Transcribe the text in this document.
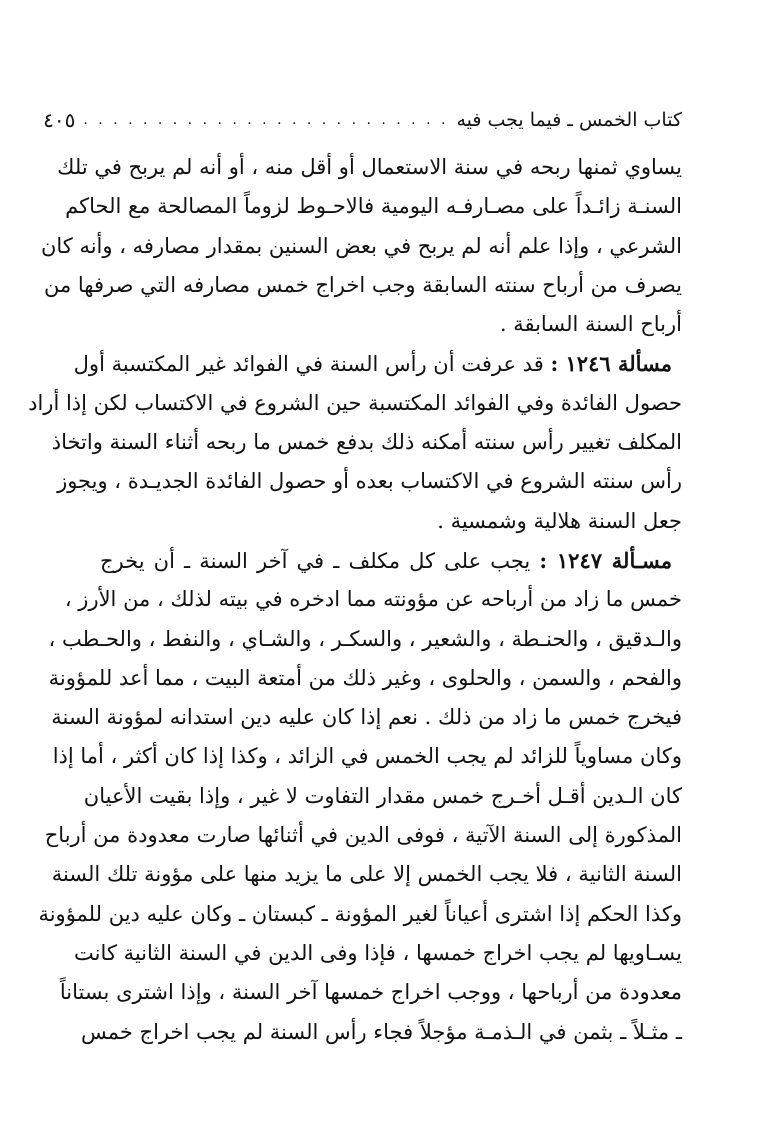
كتاب الخمس ـ فيما يجب فيه
. . . . . . . . . . . . . . . . . . . . . . . . .
٤٠٥
يساوي ثمنها ربحه في سنة الاستعمال أو أقل منه ، أو أنه لم يربح في تلك
السنـة زائـداً على مصـارفـه اليومية فالاحـوط لزوماً المصالحة مع الحاكم
الشرعي ، وإذا علم أنه لم يربح في بعض السنين بمقدار مصارفه ، وأنه كان
يصرف من أرباح سنته السابقة وجب اخراج خمس مصارفه التي صرفها من
أرباح السنة السابقة .
مسألة ١٢٤٦ : قد عرفت أن رأس السنة في الفوائد غير المكتسبة أول
حصول الفائدة وفي الفوائد المكتسبة حين الشروع في الاكتساب لكن إذا أراد
المكلف تغيير رأس سنته أمكنه ذلك بدفع خمس ما ربحه أثناء السنة واتخاذ
رأس سنته الشروع في الاكتساب بعده أو حصول الفائدة الجديـدة ، ويجوز
جعل السنة هلالية وشمسية .
مسـألة ١٢٤٧ : يجب على كل مكلف ـ في آخر السنة ـ أن يخرج
خمس ما زاد من أرباحه عن مؤونته مما ادخره في بيته لذلك ، من الأرز ،
والـدقيق ، والحنـطة ، والشعير ، والسكـر ، والشـاي ، والنفط ، والحـطب ،
والفحم ، والسمن ، والحلوى ، وغير ذلك من أمتعة البيت ، مما أعد للمؤونة
فيخرج خمس ما زاد من ذلك . نعم إذا كان عليه دين استدانه لمؤونة السنة
وكان مساوياً للزائد لم يجب الخمس في الزائد ، وكذا إذا كان أكثر ، أما إذا
كان الـدين أقـل أخـرج خمس مقدار التفاوت لا غير ، وإذا بقيت الأعيان
المذكورة إلى السنة الآتية ، فوفى الدين في أثنائها صارت معدودة من أرباح
السنة الثانية ، فلا يجب الخمس إلا على ما يزيد منها على مؤونة تلك السنة
وكذا الحكم إذا اشترى أعياناً لغير المؤونة ـ كبستان ـ وكان عليه دين للمؤونة
يسـاويها لم يجب اخراج خمسها ، فإذا وفى الدين في السنة الثانية كانت
معدودة من أرباحها ، ووجب اخراج خمسها آخر السنة ، وإذا اشترى بستاناً
ـ مثـلاً ـ بثمن في الـذمـة مؤجلاً فجاء رأس السنة لم يجب اخراج خمس
